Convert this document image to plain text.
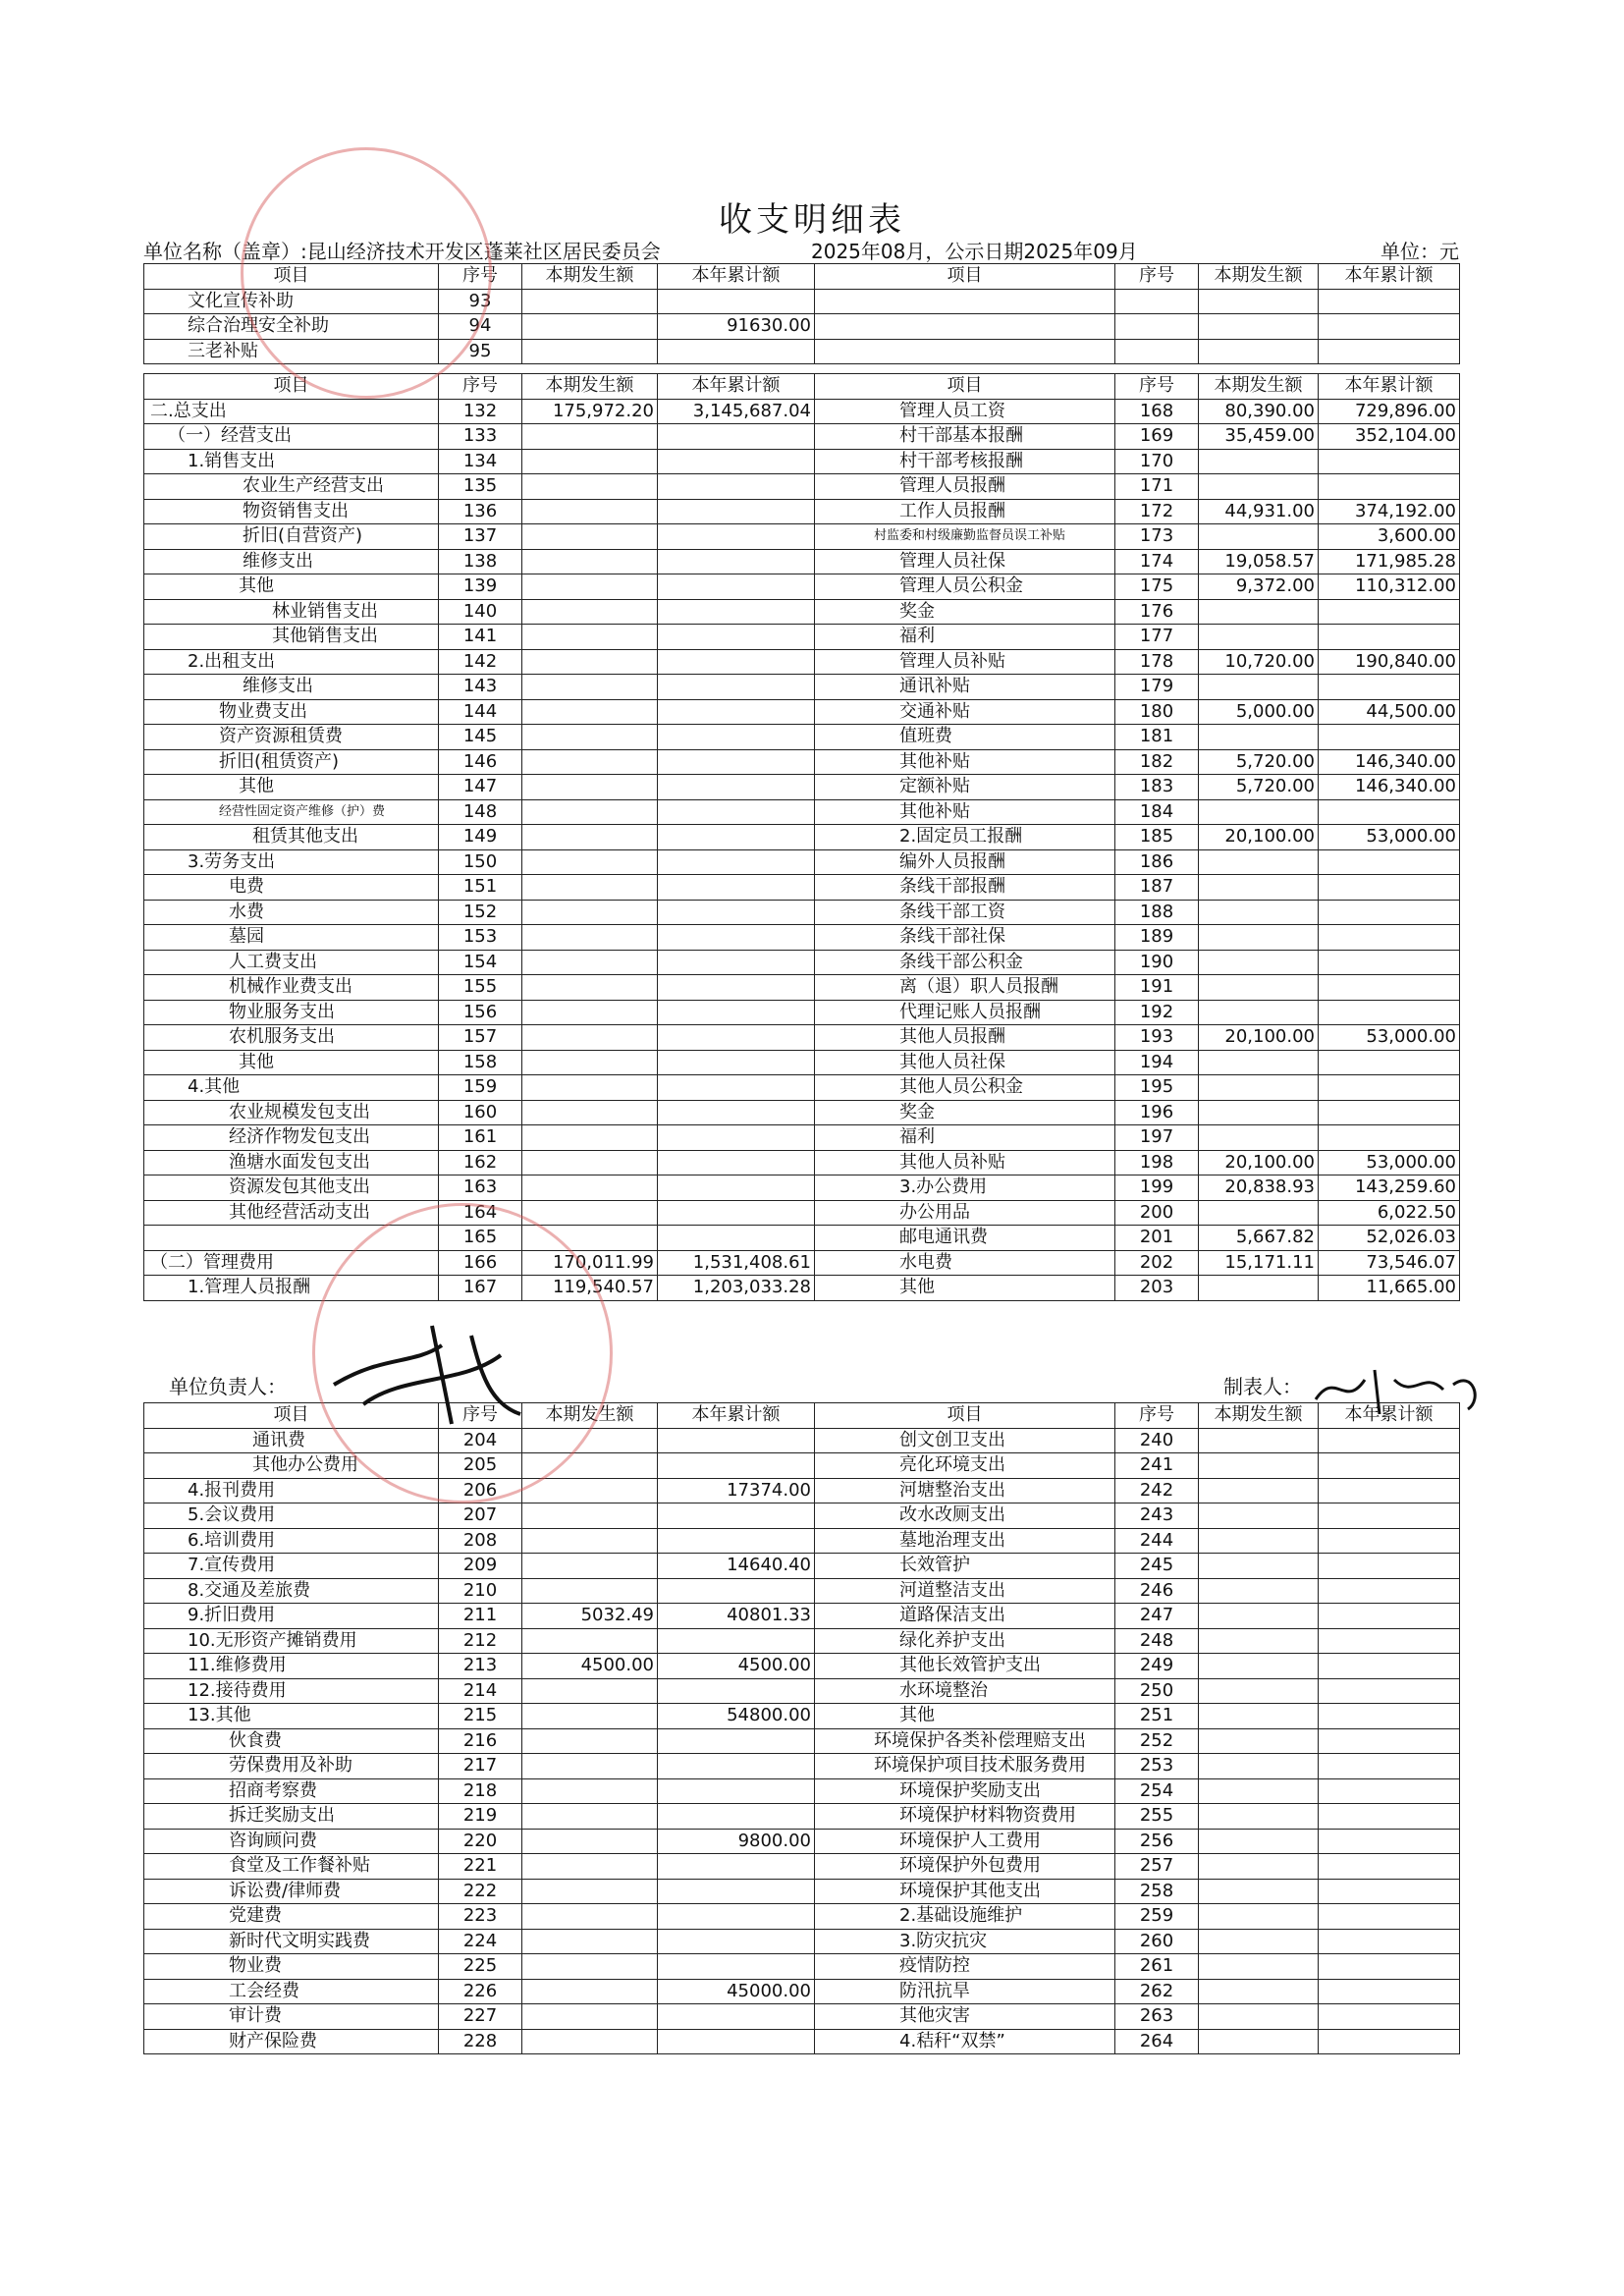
收支明细表
单位名称（盖章）:昆山经济技术开发区蓬莱社区居民委员会	2025年08月，公示日期2025年09月	单位：元
项目	序号	本期发生额	本年累计额	项目	序号	本期发生额	本年累计额
文化宣传补助	93						
综合治理安全补助	94		91630.00				
三老补贴	95						

项目	序号	本期发生额	本年累计额	项目	序号	本期发生额	本年累计额
二.总支出	132	175,972.20	3,145,687.04	管理人员工资	168	80,390.00	729,896.00
（一）经营支出	133			村干部基本报酬	169	35,459.00	352,104.00
1.销售支出	134			村干部考核报酬	170		
农业生产经营支出	135			管理人员报酬	171		
物资销售支出	136			工作人员报酬	172	44,931.00	374,192.00
折旧(自营资产)	137			村监委和村级廉勤监督员误工补贴	173		3,600.00
维修支出	138			管理人员社保	174	19,058.57	171,985.28
其他	139			管理人员公积金	175	9,372.00	110,312.00
林业销售支出	140			奖金	176		
其他销售支出	141			福利	177		
2.出租支出	142			管理人员补贴	178	10,720.00	190,840.00
维修支出	143			通讯补贴	179		
物业费支出	144			交通补贴	180	5,000.00	44,500.00
资产资源租赁费	145			值班费	181		
折旧(租赁资产)	146			其他补贴	182	5,720.00	146,340.00
其他	147			定额补贴	183	5,720.00	146,340.00
经营性固定资产维修（护）费	148			其他补贴	184		
租赁其他支出	149			2.固定员工报酬	185	20,100.00	53,000.00
3.劳务支出	150			编外人员报酬	186		
电费	151			条线干部报酬	187		
水费	152			条线干部工资	188		
墓园	153			条线干部社保	189		
人工费支出	154			条线干部公积金	190		
机械作业费支出	155			离（退）职人员报酬	191		
物业服务支出	156			代理记账人员报酬	192		
农机服务支出	157			其他人员报酬	193	20,100.00	53,000.00
其他	158			其他人员社保	194		
4.其他	159			其他人员公积金	195		
农业规模发包支出	160			奖金	196		
经济作物发包支出	161			福利	197		
渔塘水面发包支出	162			其他人员补贴	198	20,100.00	53,000.00
资源发包其他支出	163			3.办公费用	199	20,838.93	143,259.60
其他经营活动支出	164			办公用品	200		6,022.50
	165			邮电通讯费	201	5,667.82	52,026.03
（二）管理费用	166	170,011.99	1,531,408.61	水电费	202	15,171.11	73,546.07
1.管理人员报酬	167	119,540.57	1,203,033.28	其他	203		11,665.00
单位负责人：	制表人：
项目	序号	本期发生额	本年累计额	项目	序号	本期发生额	本年累计额
通讯费	204			创文创卫支出	240		
其他办公费用	205			亮化环境支出	241		
4.报刊费用	206		17374.00	河塘整治支出	242		
5.会议费用	207			改水改厕支出	243		
6.培训费用	208			墓地治理支出	244		
7.宣传费用	209		14640.40	长效管护	245		
8.交通及差旅费	210			河道整洁支出	246		
9.折旧费用	211	5032.49	40801.33	道路保洁支出	247		
10.无形资产摊销费用	212			绿化养护支出	248		
11.维修费用	213	4500.00	4500.00	其他长效管护支出	249		
12.接待费用	214			水环境整治	250		
13.其他	215		54800.00	其他	251		
伙食费	216			环境保护各类补偿理赔支出	252		
劳保费用及补助	217			环境保护项目技术服务费用	253		
招商考察费	218			环境保护奖励支出	254		
拆迁奖励支出	219			环境保护材料物资费用	255		
咨询顾问费	220		9800.00	环境保护人工费用	256		
食堂及工作餐补贴	221			环境保护外包费用	257		
诉讼费/律师费	222			环境保护其他支出	258		
党建费	223			2.基础设施维护	259		
新时代文明实践费	224			3.防灾抗灾	260		
物业费	225			疫情防控	261		
工会经费	226		45000.00	防汛抗旱	262		
审计费	227			其他灾害	263		
财产保险费	228			4.秸秆“双禁”	264		
